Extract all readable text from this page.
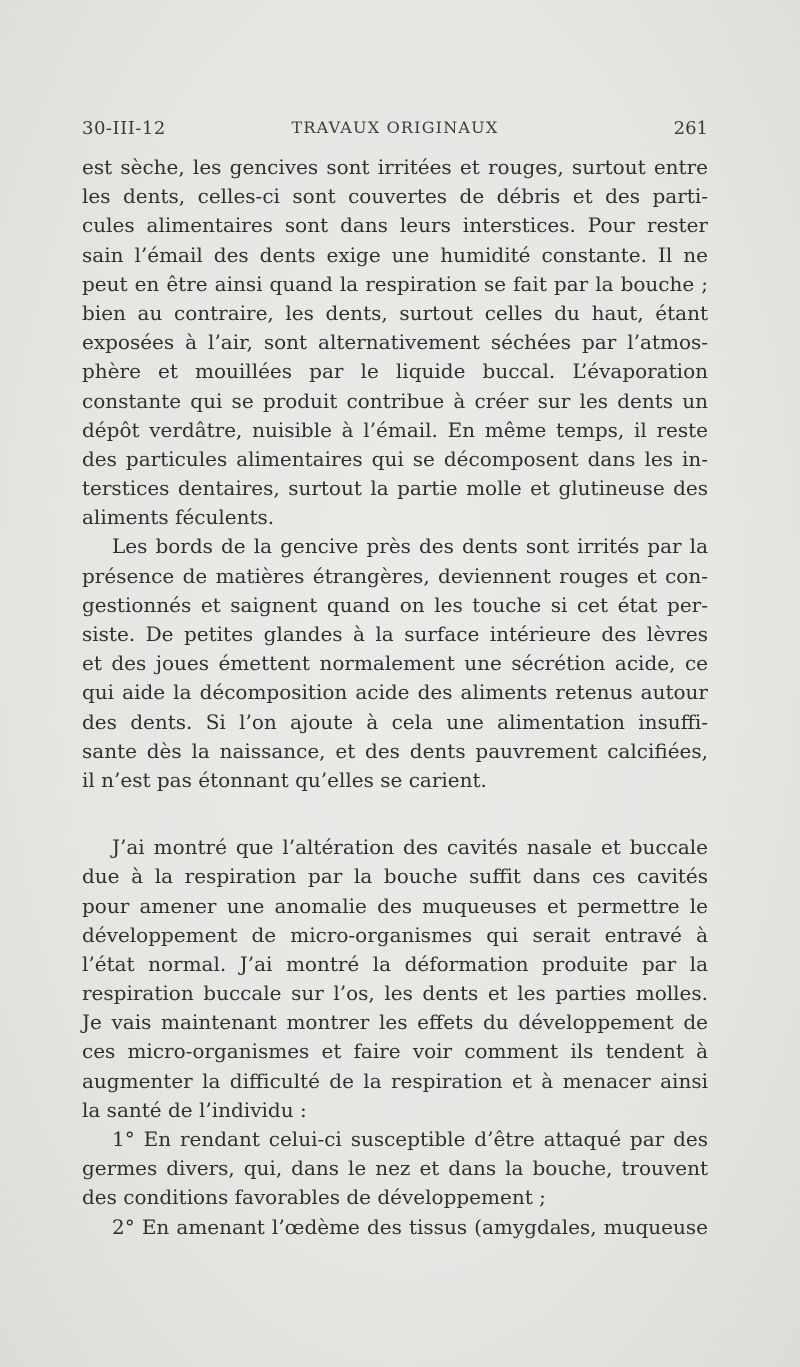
30-III-12	TRAVAUX ORIGINAUX	261
est sèche, les gencives sont irritées et rouges, surtout entre
les dents, celles-ci sont couvertes de débris et des parti-
cules alimentaires sont dans leurs interstices. Pour rester
sain l’émail des dents exige une humidité constante. Il ne
peut en être ainsi quand la respiration se fait par la bouche ;
bien au contraire, les dents, surtout celles du haut, étant
exposées à l’air, sont alternativement séchées par l’atmos-
phère et mouillées par le liquide buccal. L’évaporation
constante qui se produit contribue à créer sur les dents un
dépôt verdâtre, nuisible à l’émail. En même temps, il reste
des particules alimentaires qui se décomposent dans les in-
terstices dentaires, surtout la partie molle et glutineuse des
aliments féculents.
Les bords de la gencive près des dents sont irrités par la
présence de matières étrangères, deviennent rouges et con-
gestionnés et saignent quand on les touche si cet état per-
siste. De petites glandes à la surface intérieure des lèvres
et des joues émettent normalement une sécrétion acide, ce
qui aide la décomposition acide des aliments retenus autour
des dents. Si l’on ajoute à cela une alimentation insuffi-
sante dès la naissance, et des dents pauvrement calcifiées,
il n’est pas étonnant qu’elles se carient.
J’ai montré que l’altération des cavités nasale et buccale
due à la respiration par la bouche suffit dans ces cavités
pour amener une anomalie des muqueuses et permettre le
développement de micro-organismes qui serait entravé à
l’état normal. J’ai montré la déformation produite par la
respiration buccale sur l’os, les dents et les parties molles.
Je vais maintenant montrer les effets du développement de
ces micro-organismes et faire voir comment ils tendent à
augmenter la difficulté de la respiration et à menacer ainsi
la santé de l’individu :
1° En rendant celui-ci susceptible d’être attaqué par des
germes divers, qui, dans le nez et dans la bouche, trouvent
des conditions favorables de développement ;
2° En amenant l’œdème des tissus (amygdales, muqueuse
